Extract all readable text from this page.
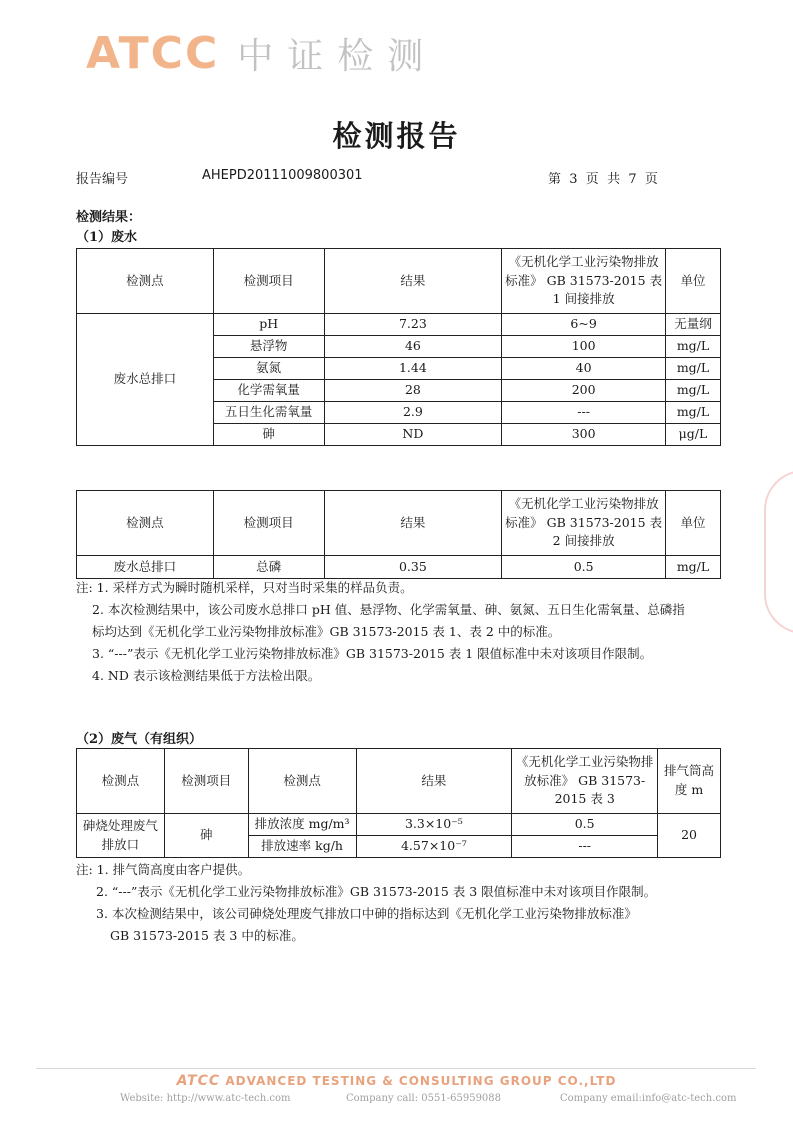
ATCC 中证检测
检测报告
报告编号	AHEPD20111009800301	第  3  页  共  7  页
检测结果：
（1）废水
检测点	检测项目	结果	《无机化学工业污染物排放标准》 GB 31573-2015 表 1 间接排放	单位
废水总排口	pH	7.23	6~9	无量纲
	悬浮物	46	100	mg/L
	氨氮	1.44	40	mg/L
	化学需氧量	28	200	mg/L
	五日生化需氧量	2.9	---	mg/L
	砷	ND	300	μg/L
检测点	检测项目	结果	《无机化学工业污染物排放标准》 GB 31573-2015 表 2 间接排放	单位
废水总排口	总磷	0.35	0.5	mg/L
注: 1. 采样方式为瞬时随机采样，只对当时采集的样品负责。
2. 本次检测结果中，该公司废水总排口 pH 值、悬浮物、化学需氧量、砷、氨氮、五日生化需氧量、总磷指
标均达到《无机化学工业污染物排放标准》GB 31573-2015 表 1、表 2 中的标准。
3. “---”表示《无机化学工业污染物排放标准》GB 31573-2015 表 1 限值标准中未对该项目作限制。
4. ND 表示该检测结果低于方法检出限。
（2）废气（有组织）
检测点	检测项目	检测点	结果	《无机化学工业污染物排放标准》 GB 31573-2015 表 3	排气筒高度 m
砷烧处理废气排放口	砷	排放浓度 mg/m³	3.3×10⁻⁵	0.5	20
		排放速率 kg/h	4.57×10⁻⁷	---	
注: 1. 排气筒高度由客户提供。
2. “---”表示《无机化学工业污染物排放标准》GB 31573-2015 表 3 限值标准中未对该项目作限制。
3. 本次检测结果中，该公司砷烧处理废气排放口中砷的指标达到《无机化学工业污染物排放标准》
GB 31573-2015 表 3 中的标准。
ATCC ADVANCED TESTING & CONSULTING GROUP CO.,LTD
Website: http://www.atc-tech.com	Company call: 0551-65959088	Company email:info@atc-tech.com
